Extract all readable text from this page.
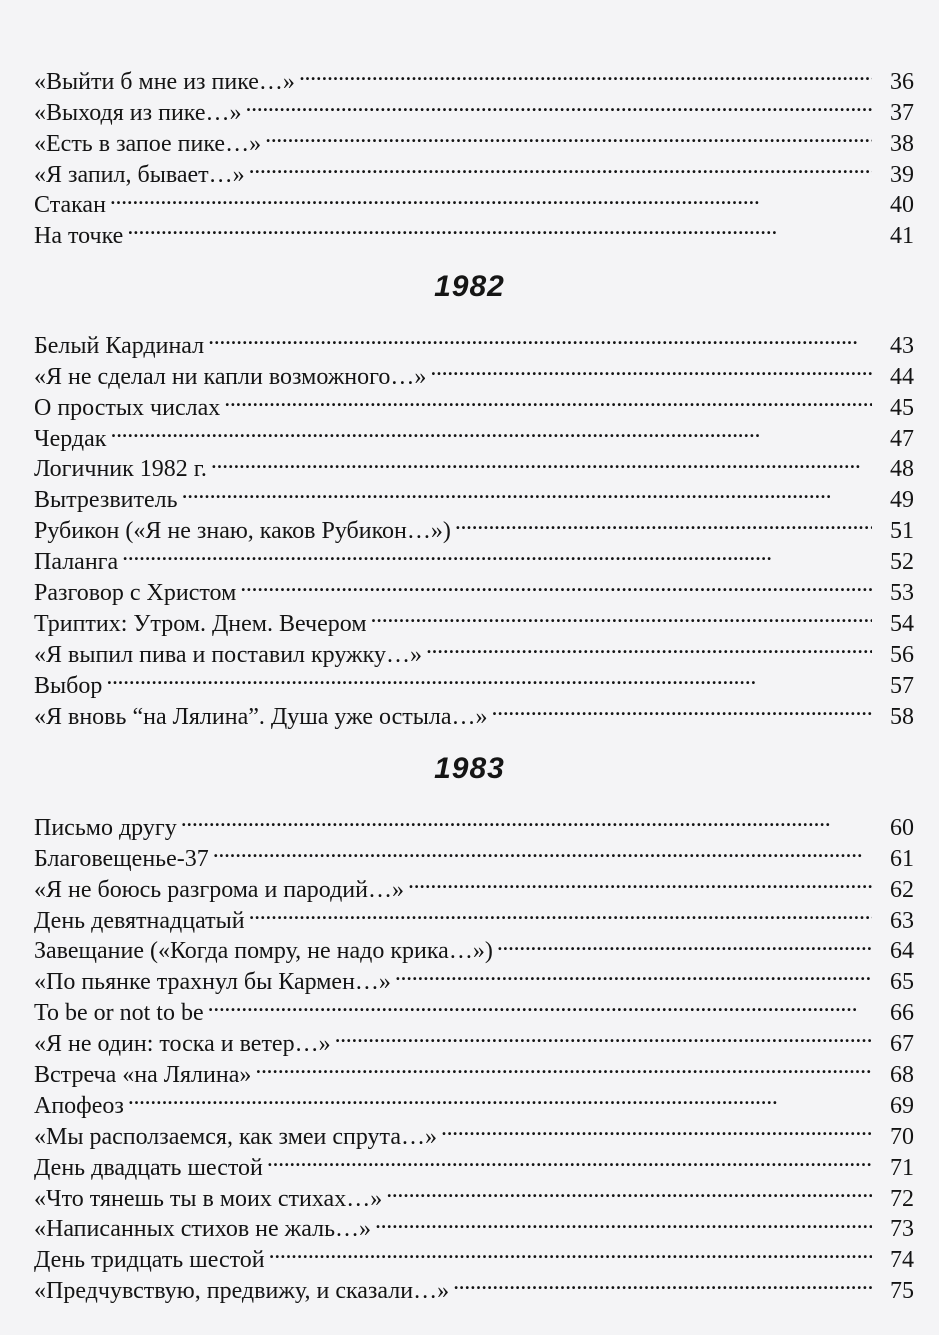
«Выйти б мне из пике…» . . .	36
«Выходя из пике…» . . .	37
«Есть в запое пике…» . . .	38
«Я запил, бывает…» . . .	39
Стакан . . .	40
На точке . . .	41
1982
Белый Кардинал . . .	43
«Я не сделал ни капли возможного…» . . .	44
О простых числах . . .	45
Чердак . . .	47
Логичник 1982 г. . . .	48
Вытрезвитель . . .	49
Рубикон («Я не знаю, каков Рубикон…») . . .	51
Паланга . . .	52
Разговор с Христом . . .	53
Триптих: Утром. Днем. Вечером . . .	54
«Я выпил пива и поставил кружку…» . . .	56
Выбор . . .	57
«Я вновь “на Лялина”. Душа уже остыла…» . . .	58
1983
Письмо другу . . .	60
Благовещенье-37 . . .	61
«Я не боюсь разгрома и пародий…» . . .	62
День девятнадцатый . . .	63
Завещание («Когда помру, не надо крика…») . . .	64
«По пьянке трахнул бы Кармен…» . . .	65
To be or not to be . . .	66
«Я не один: тоска и ветер…» . . .	67
Встреча «на Лялина» . . .	68
Апофеоз . . .	69
«Мы расползаемся, как змеи спрута…» . . .	70
День двадцать шестой . . .	71
«Что тянешь ты в моих стихах…» . . .	72
«Написанных стихов не жаль…» . . .	73
День тридцать шестой . . .	74
«Предчувствую, предвижу, и сказали…» . . .	75
